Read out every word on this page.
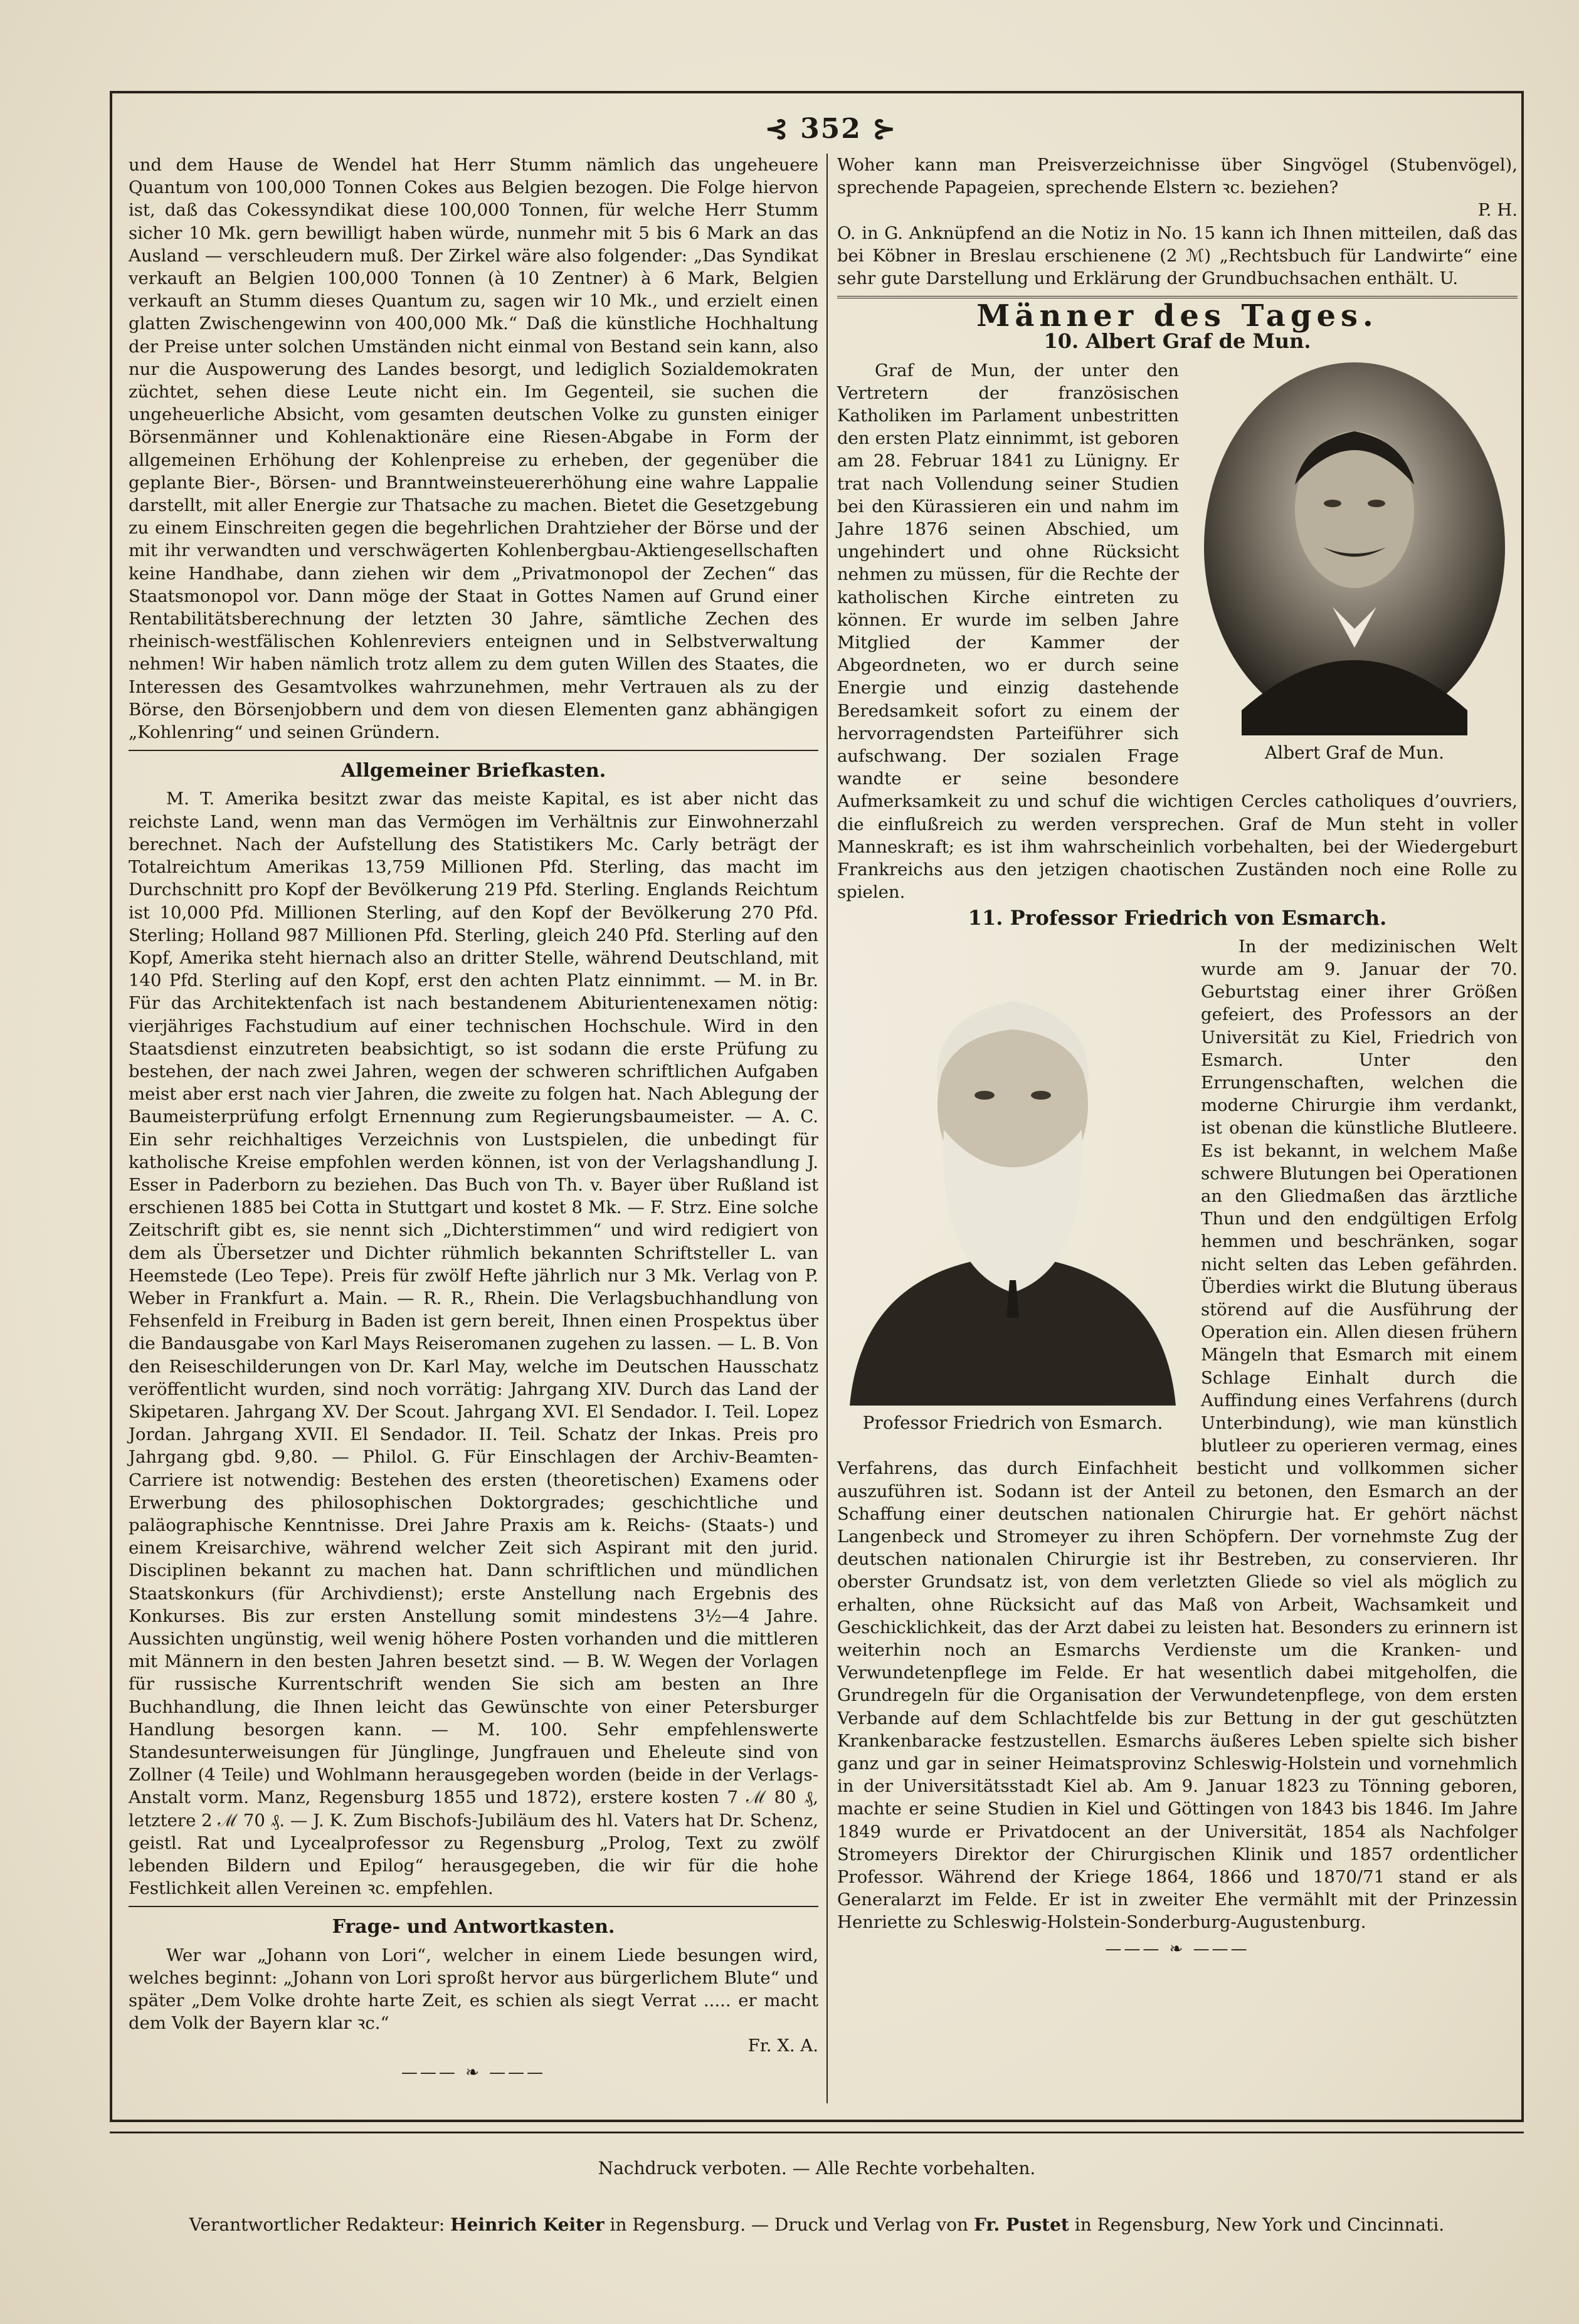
⊰ 352 ⊱

und dem Hause de Wendel hat Herr Stumm nämlich das ungeheuere Quantum von 100,000 Tonnen Cokes aus Belgien bezogen. Die Folge hiervon ist, daß das Cokessyndikat diese 100,000 Tonnen, für welche Herr Stumm sicher 10 Mk. gern bewilligt haben würde, nunmehr mit 5 bis 6 Mark an das Ausland — verschleudern muß. Der Zirkel wäre also folgender: „Das Syndikat verkauft an Belgien 100,000 Tonnen (à 10 Zentner) à 6 Mark, Belgien verkauft an Stumm dieses Quantum zu, sagen wir 10 Mk., und erzielt einen glatten Zwischengewinn von 400,000 Mk.“ Daß die künstliche Hochhaltung der Preise unter solchen Umständen nicht einmal von Bestand sein kann, also nur die Auspowerung des Landes besorgt, und lediglich Sozialdemokraten züchtet, sehen diese Leute nicht ein. Im Gegenteil, sie suchen die ungeheuerliche Absicht, vom gesamten deutschen Volke zu gunsten einiger Börsenmänner und Kohlenaktionäre eine Riesen-Abgabe in Form der allgemeinen Erhöhung der Kohlenpreise zu erheben, der gegenüber die geplante Bier-, Börsen- und Branntweinsteuererhöhung eine wahre Lappalie darstellt, mit aller Energie zur Thatsache zu machen. Bietet die Gesetzgebung zu einem Einschreiten gegen die begehrlichen Drahtzieher der Börse und der mit ihr verwandten und verschwägerten Kohlenbergbau-Aktiengesellschaften keine Handhabe, dann ziehen wir dem „Privatmonopol der Zechen“ das Staatsmonopol vor. Dann möge der Staat in Gottes Namen auf Grund einer Rentabilitätsberechnung der letzten 30 Jahre, sämtliche Zechen des rheinisch-westfälischen Kohlenreviers enteignen und in Selbstverwaltung nehmen! Wir haben nämlich trotz allem zu dem guten Willen des Staates, die Interessen des Gesamtvolkes wahrzunehmen, mehr Vertrauen als zu der Börse, den Börsenjobbern und dem von diesen Elementen ganz abhängigen „Kohlenring“ und seinen Gründern.

Allgemeiner Briefkasten.

M. T. Amerika besitzt zwar das meiste Kapital, es ist aber nicht das reichste Land, wenn man das Vermögen im Verhältnis zur Einwohnerzahl berechnet. Nach der Aufstellung des Statistikers Mc. Carly beträgt der Totalreichtum Amerikas 13,759 Millionen Pfd. Sterling, das macht im Durchschnitt pro Kopf der Bevölkerung 219 Pfd. Sterling. Englands Reichtum ist 10,000 Pfd. Millionen Sterling, auf den Kopf der Bevölkerung 270 Pfd. Sterling; Holland 987 Millionen Pfd. Sterling, gleich 240 Pfd. Sterling auf den Kopf, Amerika steht hiernach also an dritter Stelle, während Deutschland, mit 140 Pfd. Sterling auf den Kopf, erst den achten Platz einnimmt. — M. in Br. Für das Architektenfach ist nach bestandenem Abiturientenexamen nötig: vierjähriges Fachstudium auf einer technischen Hochschule. Wird in den Staatsdienst einzutreten beabsichtigt, so ist sodann die erste Prüfung zu bestehen, der nach zwei Jahren, wegen der schweren schriftlichen Aufgaben meist aber erst nach vier Jahren, die zweite zu folgen hat. Nach Ablegung der Baumeisterprüfung erfolgt Ernennung zum Regierungsbaumeister. — A. C. Ein sehr reichhaltiges Verzeichnis von Lustspielen, die unbedingt für katholische Kreise empfohlen werden können, ist von der Verlagshandlung J. Esser in Paderborn zu beziehen. Das Buch von Th. v. Bayer über Rußland ist erschienen 1885 bei Cotta in Stuttgart und kostet 8 Mk. — F. Strz. Eine solche Zeitschrift gibt es, sie nennt sich „Dichterstimmen“ und wird redigiert von dem als Übersetzer und Dichter rühmlich bekannten Schriftsteller L. van Heemstede (Leo Tepe). Preis für zwölf Hefte jährlich nur 3 Mk. Verlag von P. Weber in Frankfurt a. Main. — R. R., Rhein. Die Verlagsbuchhandlung von Fehsenfeld in Freiburg in Baden ist gern bereit, Ihnen einen Prospektus über die Bandausgabe von Karl Mays Reiseromanen zugehen zu lassen. — L. B. Von den Reiseschilderungen von Dr. Karl May, welche im Deutschen Hausschatz veröffentlicht wurden, sind noch vorrätig: Jahrgang XIV. Durch das Land der Skipetaren. Jahrgang XV. Der Scout. Jahrgang XVI. El Sendador. I. Teil. Lopez Jordan. Jahrgang XVII. El Sendador. II. Teil. Schatz der Inkas. Preis pro Jahrgang gbd. 9,80. — Philol. G. Für Einschlagen der Archiv-Beamten-Carriere ist notwendig: Bestehen des ersten (theoretischen) Examens oder Erwerbung des philosophischen Doktorgrades; geschichtliche und paläographische Kenntnisse. Drei Jahre Praxis am k. Reichs- (Staats-) und einem Kreisarchive, während welcher Zeit sich Aspirant mit den jurid. Disciplinen bekannt zu machen hat. Dann schriftlichen und mündlichen Staatskonkurs (für Archivdienst); erste Anstellung nach Ergebnis des Konkurses. Bis zur ersten Anstellung somit mindestens 3½—4 Jahre. Aussichten ungünstig, weil wenig höhere Posten vorhanden und die mittleren mit Männern in den besten Jahren besetzt sind. — B. W. Wegen der Vorlagen für russische Kurrentschrift wenden Sie sich am besten an Ihre Buchhandlung, die Ihnen leicht das Gewünschte von einer Petersburger Handlung besorgen kann. — M. 100. Sehr empfehlenswerte Standesunterweisungen für Jünglinge, Jungfrauen und Eheleute sind von Zollner (4 Teile) und Wohlmann herausgegeben worden (beide in der Verlags-Anstalt vorm. Manz, Regensburg 1855 und 1872), erstere kosten 7 ℳ 80 ₰, letztere 2 ℳ 70 ₰. — J. K. Zum Bischofs-Jubiläum des hl. Vaters hat Dr. Schenz, geistl. Rat und Lycealprofessor zu Regensburg „Prolog, Text zu zwölf lebenden Bildern und Epilog“ herausgegeben, die wir für die hohe Festlichkeit allen Vereinen ꝛc. empfehlen.

Frage- und Antwortkasten.

Wer war „Johann von Lori“, welcher in einem Liede besungen wird, welches beginnt: „Johann von Lori sproßt hervor aus bürgerlichem Blute“ und später „Dem Volke drohte harte Zeit, es schien als siegt Verrat ..... er macht dem Volk der Bayern klar ꝛc.“

Fr. X. A.

——— ❧ ———

Woher kann man Preisverzeichnisse über Singvögel (Stubenvögel), sprechende Papageien, sprechende Elstern ꝛc. beziehen?

P. H.

O. in G. Anknüpfend an die Notiz in No. 15 kann ich Ihnen mitteilen, daß das bei Köbner in Breslau erschienene (2 ℳ) „Rechtsbuch für Landwirte“ eine sehr gute Darstellung und Erklärung der Grundbuchsachen enthält. U.

Männer des Tages.
10. Albert Graf de Mun.
Albert Graf de Mun.

Graf de Mun, der unter den Vertretern der französischen Katholiken im Parlament unbestritten den ersten Platz einnimmt, ist geboren am 28. Februar 1841 zu Lünigny. Er trat nach Vollendung seiner Studien bei den Kürassieren ein und nahm im Jahre 1876 seinen Abschied, um ungehindert und ohne Rücksicht nehmen zu müssen, für die Rechte der katholischen Kirche eintreten zu können. Er wurde im selben Jahre Mitglied der Kammer der Abgeordneten, wo er durch seine Energie und einzig dastehende Beredsamkeit sofort zu einem der hervorragendsten Parteiführer sich aufschwang. Der sozialen Frage wandte er seine besondere Aufmerksamkeit zu und schuf die wichtigen Cercles catholiques d’ouvriers, die einflußreich zu werden versprechen. Graf de Mun steht in voller Manneskraft; es ist ihm wahrscheinlich vorbehalten, bei der Wiedergeburt Frankreichs aus den jetzigen chaotischen Zuständen noch eine Rolle zu spielen.

11. Professor Friedrich von Esmarch.
Professor Friedrich von Esmarch.

In der medizinischen Welt wurde am 9. Januar der 70. Geburtstag einer ihrer Größen gefeiert, des Professors an der Universität zu Kiel, Friedrich von Esmarch. Unter den Errungenschaften, welchen die moderne Chirurgie ihm verdankt, ist obenan die künstliche Blutleere. Es ist bekannt, in welchem Maße schwere Blutungen bei Operationen an den Gliedmaßen das ärztliche Thun und den endgültigen Erfolg hemmen und beschränken, sogar nicht selten das Leben gefährden. Überdies wirkt die Blutung überaus störend auf die Ausführung der Operation ein. Allen diesen frühern Mängeln that Esmarch mit einem Schlage Einhalt durch die Auffindung eines Verfahrens (durch Unterbindung), wie man künstlich blutleer zu operieren vermag, eines Verfahrens, das durch Einfachheit besticht und vollkommen sicher auszuführen ist. Sodann ist der Anteil zu betonen, den Esmarch an der Schaffung einer deutschen nationalen Chirurgie hat. Er gehört nächst Langenbeck und Stromeyer zu ihren Schöpfern. Der vornehmste Zug der deutschen nationalen Chirurgie ist ihr Bestreben, zu conservieren. Ihr oberster Grundsatz ist, von dem verletzten Gliede so viel als möglich zu erhalten, ohne Rücksicht auf das Maß von Arbeit, Wachsamkeit und Geschicklichkeit, das der Arzt dabei zu leisten hat. Besonders zu erinnern ist weiterhin noch an Esmarchs Verdienste um die Kranken- und Verwundetenpflege im Felde. Er hat wesentlich dabei mitgeholfen, die Grundregeln für die Organisation der Verwundetenpflege, von dem ersten Verbande auf dem Schlachtfelde bis zur Bettung in der gut geschützten Krankenbaracke festzustellen. Esmarchs äußeres Leben spielte sich bisher ganz und gar in seiner Heimatsprovinz Schleswig-Holstein und vornehmlich in der Universitätsstadt Kiel ab. Am 9. Januar 1823 zu Tönning geboren, machte er seine Studien in Kiel und Göttingen von 1843 bis 1846. Im Jahre 1849 wurde er Privatdocent an der Universität, 1854 als Nachfolger Stromeyers Direktor der Chirurgischen Klinik und 1857 ordentlicher Professor. Während der Kriege 1864, 1866 und 1870/71 stand er als Generalarzt im Felde. Er ist in zweiter Ehe vermählt mit der Prinzessin Henriette zu Schleswig-Holstein-Sonderburg-Augustenburg.

——— ❧ ———
Nachdruck verboten. — Alle Rechte vorbehalten.
Verantwortlicher Redakteur: Heinrich Keiter in Regensburg. — Druck und Verlag von Fr. Pustet in Regensburg, New York und Cincinnati.
